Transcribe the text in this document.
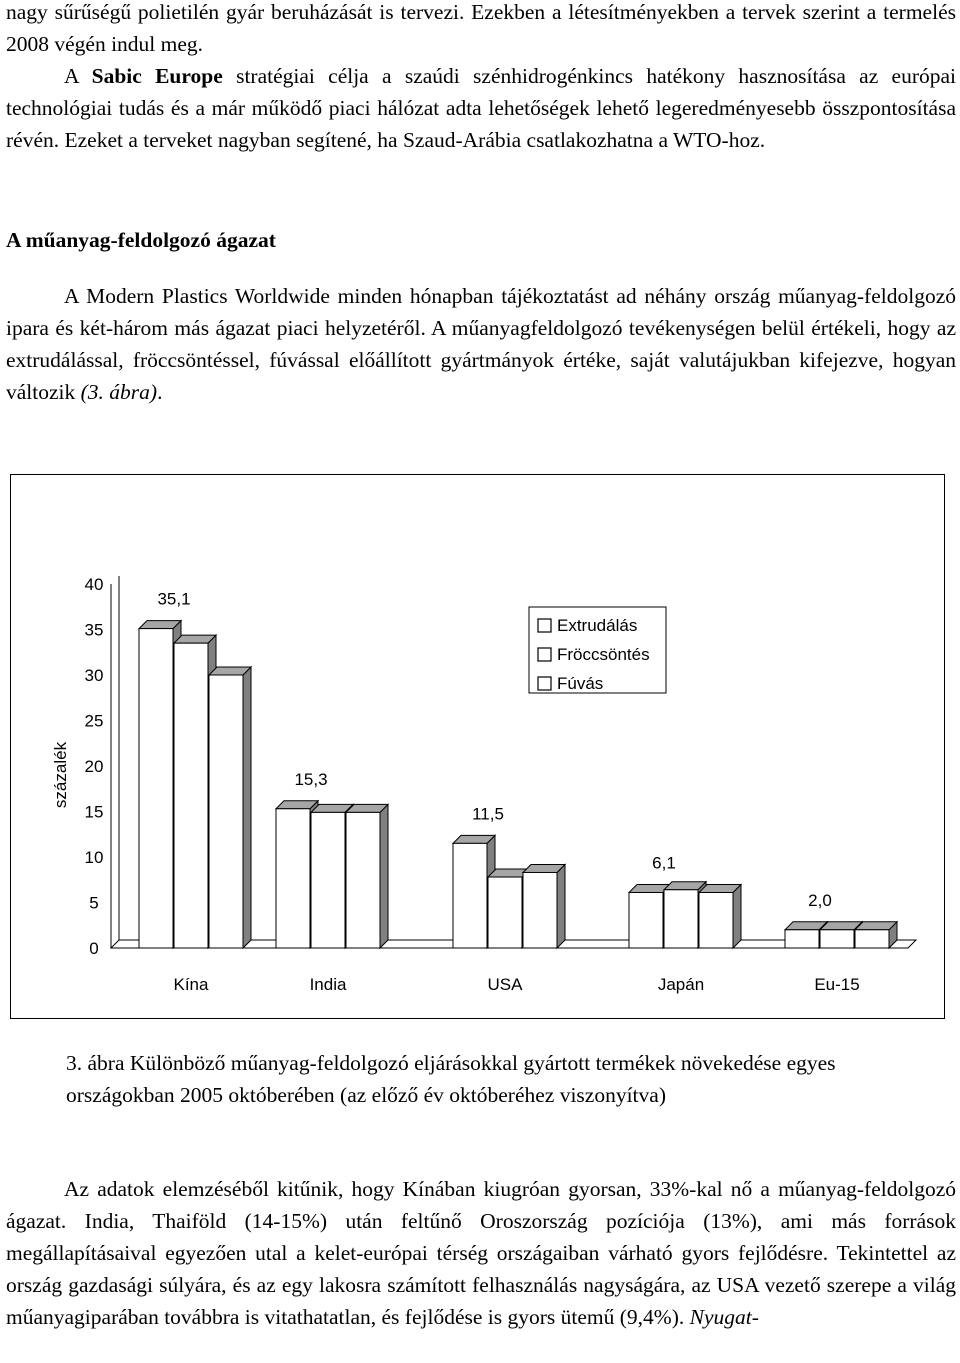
nagy sűrűségű polietilén gyár beruházását is tervezi. Ezekben a létesítményekben a tervek szerint a termelés 2008 végén indul meg.

A Sabic Europe stratégiai célja a szaúdi szénhidrogénkincs hatékony hasznosítása az európai technológiai tudás és a már működő piaci hálózat adta lehetőségek lehető legeredményesebb összpontosítása révén. Ezeket a terveket nagyban segítené, ha Szaud-Arábia csatlakozhatna a WTO-hoz.

A műanyag-feldolgozó ágazat

A Modern Plastics Worldwide minden hónapban tájékoztatást ad néhány ország műanyag-feldolgozó ipara és két-három más ágazat piaci helyzetéről. A műanyagfeldolgozó tevékenységen belül értékeli, hogy az extrudálással, fröccsöntéssel, fúvással előállított gyártmányok értéke, saját valutájukban kifejezve, hogyan változik (3. ábra).

0
5
10
15
20
25
30
35
40
százalék
Kína
35,1
India
15,3
USA
11,5
Japán
6,1
Eu-15
2,0
Extrudálás
Fröccsöntés
Fúvás

3. ábra Különböző műanyag-feldolgozó eljárásokkal gyártott termékek növekedése egyes országokban 2005 októberében (az előző év októberéhez viszonyítva)

Az adatok elemzéséből kitűnik, hogy Kínában kiugróan gyorsan, 33%-kal nő a műanyag-feldolgozó ágazat. India, Thaiföld (14-15%) után feltűnő Oroszország pozíciója (13%), ami más források megállapításaival egyezően utal a kelet-európai térség országaiban várható gyors fejlődésre. Tekintettel az ország gazdasági súlyára, és az egy lakosra számított felhasználás nagyságára, az USA vezető szerepe a világ műanyagiparában továbbra is vitathatatlan, és fejlődése is gyors ütemű (9,4%). Nyugat-
